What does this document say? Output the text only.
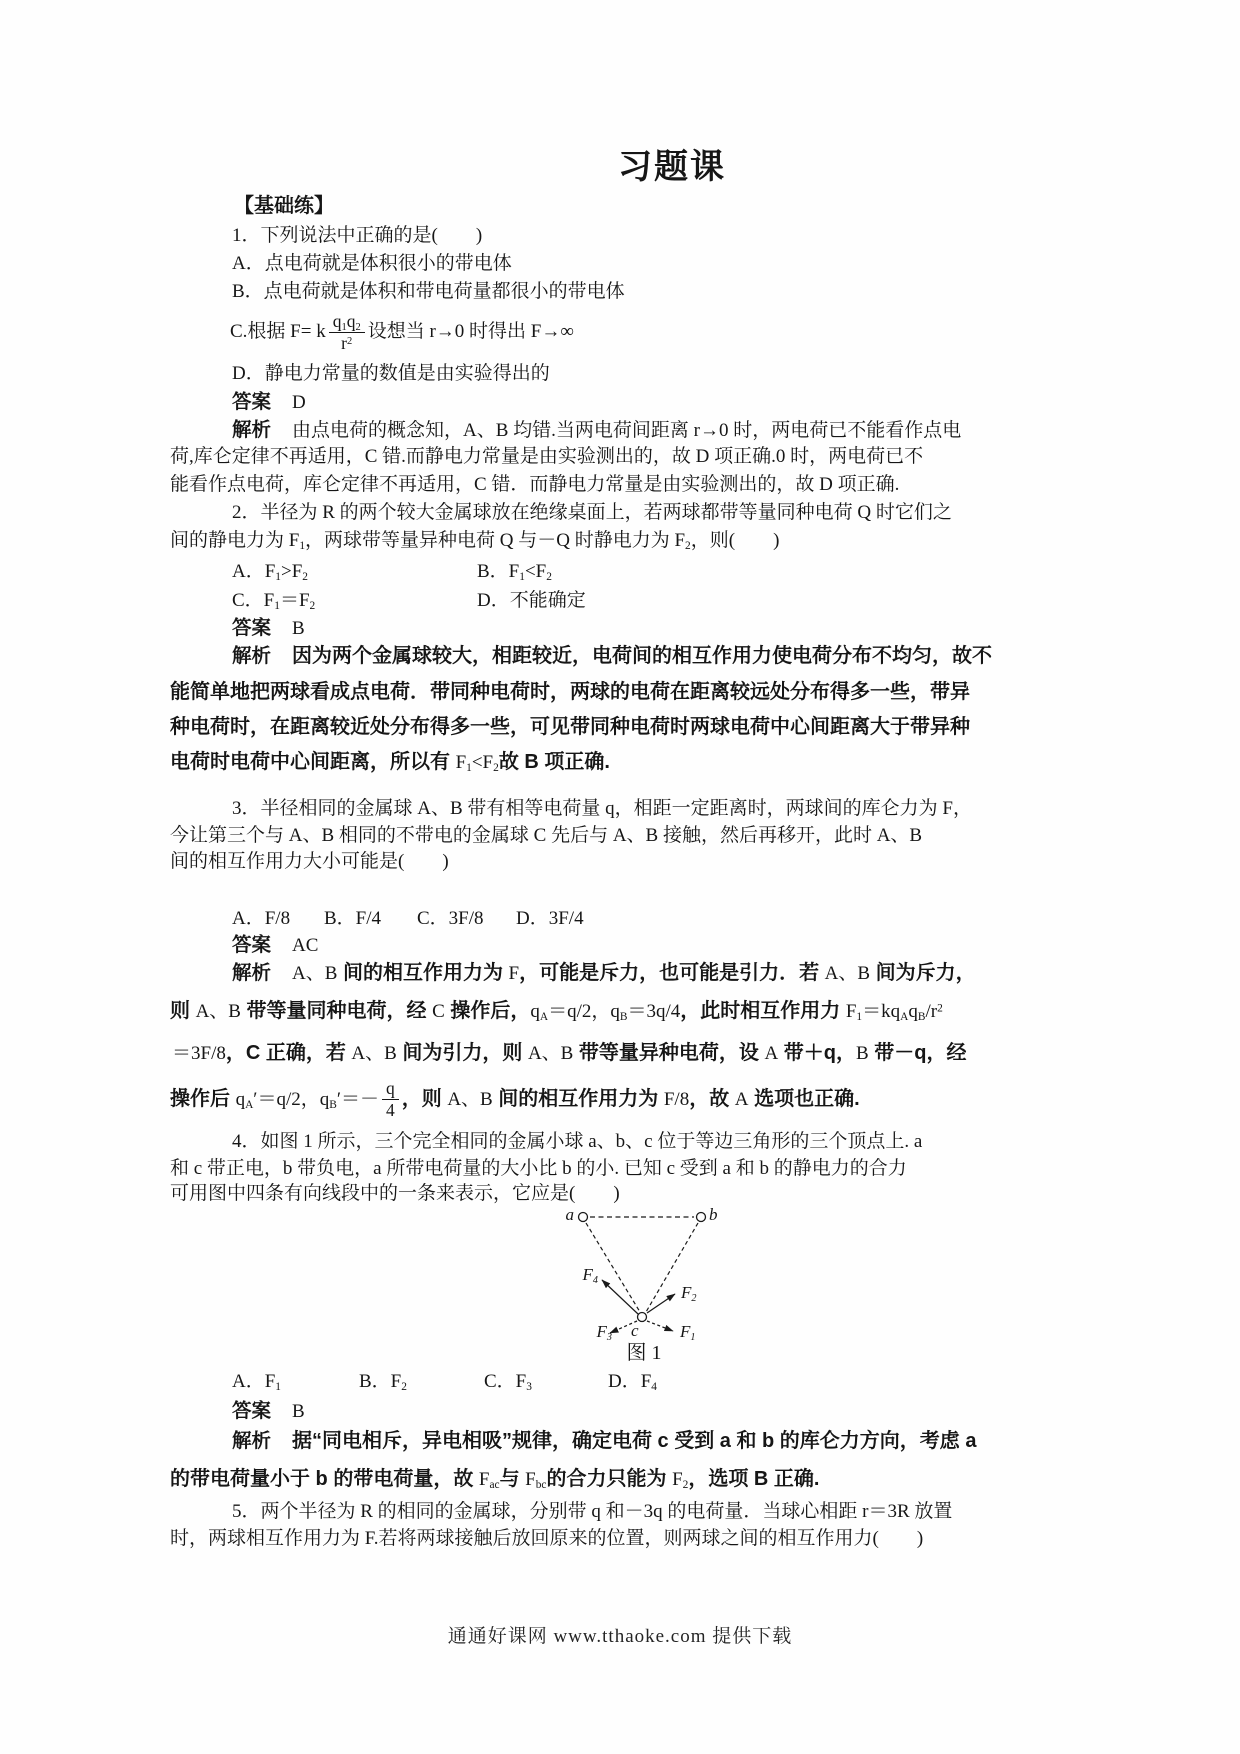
习题课
【基础练】
1．下列说法中正确的是(　　)
A．点电荷就是体积很小的带电体
B．点电荷就是体积和带电荷量都很小的带电体
C.根据 F= k $\frac{q_1q_2}{r^2}$ 设想当 r→0 时得出 F→∞
D．静电力常量的数值是由实验得出的
答案 D
解析 由点电荷的概念知，A、B 均错.当两电荷间距离 r→0 时，两电荷已不能看作点电
荷,库仑定律不再适用，C 错.而静电力常量是由实验测出的，故 D 项正确.0 时，两电荷已不
能看作点电荷，库仑定律不再适用，C 错．而静电力常量是由实验测出的，故 D 项正确.
2．半径为 R 的两个较大金属球放在绝缘桌面上，若两球都带等量同种电荷 Q 时它们之
间的静电力为 $F_1$，两球带等量异种电荷 Q 与－Q 时静电力为 $F_2$，则(　　)
A．$F_1>F_2$	B．$F_1<F_2$
C．$F_1=F_2$	D．不能确定
答案 B
解析 因为两个金属球较大，相距较近，电荷间的相互作用力使电荷分布不均匀，故不
能简单地把两球看成点电荷．带同种电荷时，两球的电荷在距离较远处分布得多一些，带异
种电荷时，在距离较近处分布得多一些，可见带同种电荷时两球电荷中心间距离大于带异种
电荷时电荷中心间距离，所以有 $F_1<F_2$故 B 项正确.
3．半径相同的金属球 A、B 带有相等电荷量 q，相距一定距离时，两球间的库仑力为 F，
今让第三个与 A、B 相同的不带电的金属球 C 先后与 A、B 接触，然后再移开，此时 A、B
间的相互作用力大小可能是(　　)
A．F/8 B．F/4 C．3F/8 D．3F/4
答案 AC
解析 A、B 间的相互作用力为 F，可能是斥力，也可能是引力．若 A、B 间为斥力，
则 A、B 带等量同种电荷，经 C 操作后，$q_A=q/2$，$q_B=3q/4$，此时相互作用力 $F_1=kq_Aq_B/r^2$
＝3F/8，C 正确，若 A、B 间为引力，则 A、B 带等量异种电荷，设 A 带＋q，B 带－q，经
操作后 $q_A'=q/2$，$q_B'=- \frac{q}{4}$ ，则 A、B 间的相互作用力为 F/8，故 A 选项也正确.
4．如图 1 所示，三个完全相同的金属小球 a、b、c 位于等边三角形的三个顶点上. a
和 c 带正电，b 带负电，a 所带电荷量的大小比 b 的小. 已知 c 受到 a 和 b 的静电力的合力
可用图中四条有向线段中的一条来表示，它应是(　　)
a	b
c
$F_4$
$F_2$
$F_3$	$F_1$
图 1
A．$F_1$	B．$F_2$	C．$F_3$	D．$F_4$
答案 B
解析 据“同电相斥，异电相吸”规律，确定电荷 c 受到 a 和 b 的库仑力方向，考虑 a
的带电荷量小于 b 的带电荷量，故 $F_{ac}$与 $F_{bc}$的合力只能为 $F_2$，选项 B 正确.
5．两个半径为 R 的相同的金属球，分别带 q 和－3q 的电荷量．当球心相距 r＝3R 放置
时，两球相互作用力为 F.若将两球接触后放回原来的位置，则两球之间的相互作用力(　　)
通通好课网 www.tthaoke.com 提供下载
